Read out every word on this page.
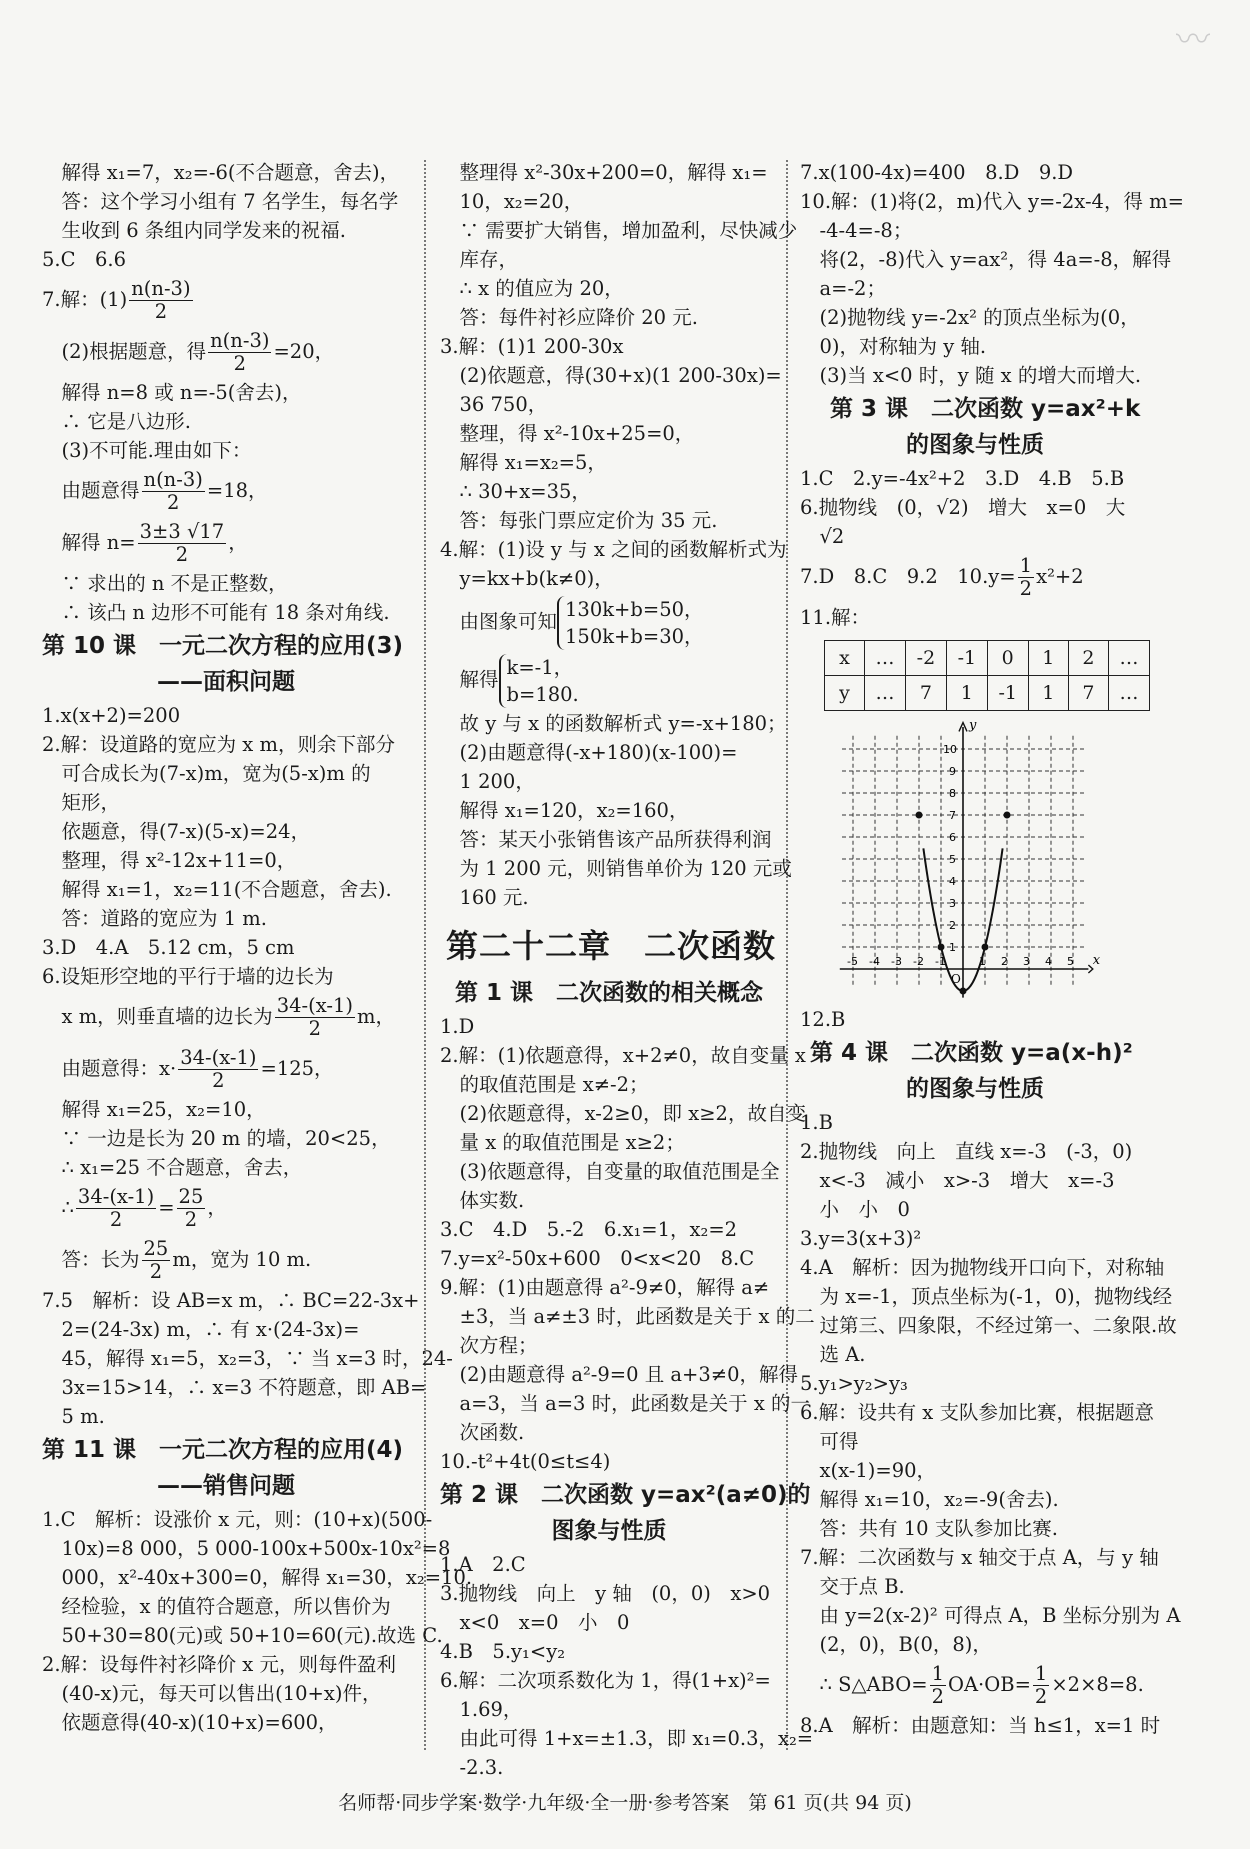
〰
解得 x₁=7，x₂=-6(不合题意，舍去)，
答：这个学习小组有 7 名学生，每名学
生收到 6 条组内同学发来的祝福.
5.C　6.6
7.解：$(1) \frac{n(n-3)}{2}$
(2)根据题意，得 $\frac{n(n-3)}{2} =20$，
解得 n=8 或 n=-5(舍去)，
∴ 它是八边形.
(3)不可能.理由如下：
由题意得 $\frac{n(n-3)}{2} =18$，
解得 $n= \frac{3\pm 3 √17}{2}$ ，
∵ 求出的 n 不是正整数，
∴ 该凸 n 边形不可能有 18 条对角线.
第 10 课　一元二次方程的应用(3)
——面积问题
1.x(x+2)=200
2.解：设道路的宽应为 x m，则余下部分
可合成长为(7-x)m，宽为(5-x)m 的
矩形，
依题意，得(7-x)(5-x)=24，
整理，得 x²-12x+11=0，
解得 x₁=1，x₂=11(不合题意，舍去).
答：道路的宽应为 1 m.
3.D　4.A　5.12 cm，5 cm
6.设矩形空地的平行于墙的边长为
x m，则垂直墙的边长为 $\frac{34-(x-1)}{2}$ m，
由题意得：$x\cdot \frac{34-(x-1)}{2} =125$，
解得 x₁=25，x₂=10，
∵ 一边是长为 20 m 的墙，20<25，
∴ x₁=25 不合题意，舍去，
∴ $\frac{34-(x-1)}{2} = \frac{25}{2}$ ，
答：长为 $\frac{25}{2}$ m，宽为 10 m.
7.5　解析：设 AB=x m，∴ BC=22-3x+
2=(24-3x) m，∴ 有 x·(24-3x)=
45，解得 x₁=5，x₂=3，∵ 当 x=3 时，24-
3x=15>14，∴ x=3 不符题意，即 AB=
5 m.
第 11 课　一元二次方程的应用(4)
——销售问题
1.C　解析：设涨价 x 元，则：(10+x)(500-
10x)=8 000，5 000-100x+500x-10x²=8
000，x²-40x+300=0，解得 x₁=30，x₂=10.
经检验，x 的值符合题意，所以售价为
50+30=80(元)或 50+10=60(元).故选 C.
2.解：设每件衬衫降价 x 元，则每件盈利
(40-x)元，每天可以售出(10+x)件，
依题意得(40-x)(10+x)=600，
整理得 x²-30x+200=0，解得 x₁=
10，x₂=20，
∵ 需要扩大销售，增加盈利，尽快减少
库存，
∴ x 的值应为 20，
答：每件衬衫应降价 20 元.
3.解：(1)1 200-30x
(2)依题意，得(30+x)(1 200-30x)=
36 750，
整理，得 x²-10x+25=0，
解得 x₁=x₂=5，
∴ 30+x=35，
答：每张门票应定价为 35 元.
4.解：(1)设 y 与 x 之间的函数解析式为
y=kx+b(k≠0)，
由图象可知
130k+b=50，
150k+b=30，
解得
k=-1，
b=180.
故 y 与 x 的函数解析式 y=-x+180；
(2)由题意得(-x+180)(x-100)=
1 200，
解得 x₁=120，x₂=160，
答：某天小张销售该产品所获得利润
为 1 200 元，则销售单价为 120 元或
160 元.
第二十二章　二次函数
第 1 课　二次函数的相关概念
1.D
2.解：(1)依题意得，x+2≠0，故自变量 x
的取值范围是 x≠-2；
(2)依题意得，x-2≥0，即 x≥2，故自变
量 x 的取值范围是 x≥2；
(3)依题意得，自变量的取值范围是全
体实数.
3.C　4.D　5.-2　6.x₁=1，x₂=2
7.y=x²-50x+600　0<x<20　8.C
9.解：(1)由题意得 a²-9≠0，解得 a≠
±3，当 a≠±3 时，此函数是关于 x 的二
次方程；
(2)由题意得 a²-9=0 且 a+3≠0，解得
a=3，当 a=3 时，此函数是关于 x 的一
次函数.
10.-t²+4t(0≤t≤4)
第 2 课　二次函数 y=ax²(a≠0)的
图象与性质
1.A　2.C
3.抛物线　向上　y 轴　(0，0)　x>0
x<0　x=0　小　0
4.B　5.y₁<y₂
6.解：二次项系数化为 1，得(1+x)²=
1.69，
由此可得 1+x=±1.3，即 x₁=0.3，x₂=
-2.3.
7.x(100-4x)=400　8.D　9.D
10.解：(1)将(2，m)代入 y=-2x-4，得 m=
-4-4=-8；
将(2，-8)代入 y=ax²，得 4a=-8，解得
a=-2；
(2)抛物线 y=-2x² 的顶点坐标为(0，
0)，对称轴为 y 轴.
(3)当 x<0 时，y 随 x 的增大而增大.
第 3 课　二次函数 y=ax²+k
的图象与性质
1.C　2.y=-4x²+2　3.D　4.B　5.B
6.抛物线　(0，√2)　增大　x=0　大
√2
7.D　8.C　9.2　$10.y= \frac{1}{2} x^2+2$
11.解：
x	…	-2	-1	0	1	2	…
y	…	7	1	-1	1	7	…
x
y
O
-5 -4 -3 -2 -1	1 2 3 4 5
10
9
8
7
6
5
4
3
2
1
12.B
第 4 课　二次函数 y=a(x-h)²
的图象与性质
1.B
2.抛物线　向上　直线 x=-3　(-3，0)
x<-3　减小　x>-3　增大　x=-3
小　小　0
3.y=3(x+3)²
4.A　解析：因为抛物线开口向下，对称轴
为 x=-1，顶点坐标为(-1，0)，抛物线经
过第三、四象限，不经过第一、二象限.故
选 A.
5.y₁>y₂>y₃
6.解：设共有 x 支队参加比赛，根据题意
可得
x(x-1)=90，
解得 x₁=10，x₂=-9(舍去).
答：共有 10 支队参加比赛.
7.解：二次函数与 x 轴交于点 A，与 y 轴
交于点 B.
由 y=2(x-2)² 可得点 A，B 坐标分别为 A
(2，0)，B(0，8)，
∴ S△ABO= $\frac{1}{2} OA\cdot OB= \frac{1}{2} \times 2\times 8=8$.
8.A　解析：由题意知：当 h≤1，x=1 时
名师帮·同步学案·数学·九年级·全一册·参考答案　第 61 页(共 94 页)
